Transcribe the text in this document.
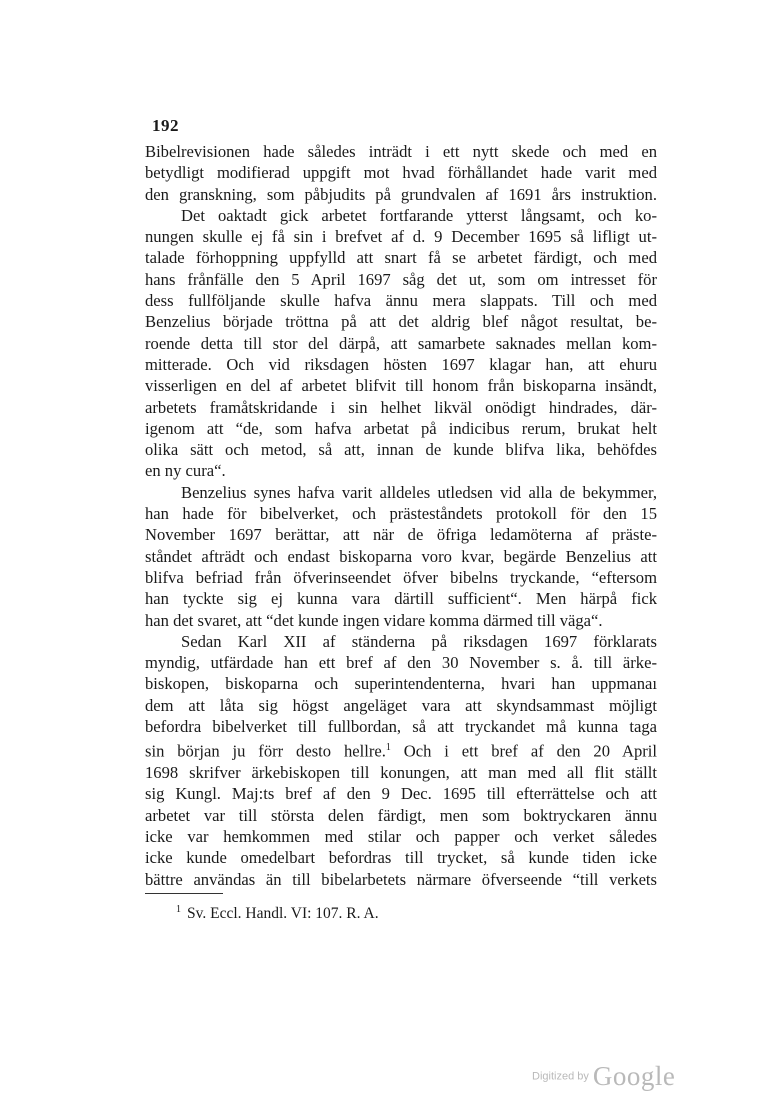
192
Bibelrevisionen hade således inträdt i ett nytt skede och med en
betydligt modifierad uppgift mot hvad förhållandet hade varit med
den granskning, som påbjudits på grundvalen af 1691 års instruktion.
Det oaktadt gick arbetet fortfarande ytterst långsamt, och ko-
nungen skulle ej få sin i brefvet af d. 9 December 1695 så lifligt ut-
talade förhoppning uppfylld att snart få se arbetet färdigt, och med
hans frånfälle den 5 April 1697 såg det ut, som om intresset för
dess fullföljande skulle hafva ännu mera slappats. Till och med
Benzelius började tröttna på att det aldrig blef något resultat, be-
roende detta till stor del därpå, att samarbete saknades mellan kom-
mitterade. Och vid riksdagen hösten 1697 klagar han, att ehuru
visserligen en del af arbetet blifvit till honom från biskoparna insändt,
arbetets framåtskridande i sin helhet likväl onödigt hindrades, där-
igenom att “de, som hafva arbetat på indicibus rerum, brukat helt
olika sätt och metod, så att, innan de kunde blifva lika, behöfdes
en ny cura“.
Benzelius synes hafva varit alldeles utledsen vid alla de bekymmer,
han hade för bibelverket, och prästeståndets protokoll för den 15
November 1697 berättar, att när de öfriga ledamöterna af präste-
ståndet afträdt och endast biskoparna voro kvar, begärde Benzelius att
blifva befriad från öfverinseendet öfver bibelns tryckande, “eftersom
han tyckte sig ej kunna vara därtill sufficient“. Men härpå fick
han det svaret, att “det kunde ingen vidare komma därmed till väga“.
Sedan Karl XII af ständerna på riksdagen 1697 förklarats
myndig, utfärdade han ett bref af den 30 November s. å. till ärke-
biskopen, biskoparna och superintendenterna, hvari han uppmanaı
dem att låta sig högst angeläget vara att skyndsammast möjligt
befordra bibelverket till fullbordan, så att tryckandet må kunna taga
sin början ju förr desto hellre.$^1$ Och i ett bref af den 20 April
1698 skrifver ärkebiskopen till konungen, att man med all flit ställt
sig Kungl. Maj:ts bref af den 9 Dec. 1695 till efterrättelse och att
arbetet var till största delen färdigt, men som boktryckaren ännu
icke var hemkommen med stilar och papper och verket således
icke kunde omedelbart befordras till trycket, så kunde tiden icke
bättre användas än till bibelarbetets närmare öfverseende “till verkets
$^1$ Sv. Eccl. Handl. VI: 107. R. A.
Digitized by Google
